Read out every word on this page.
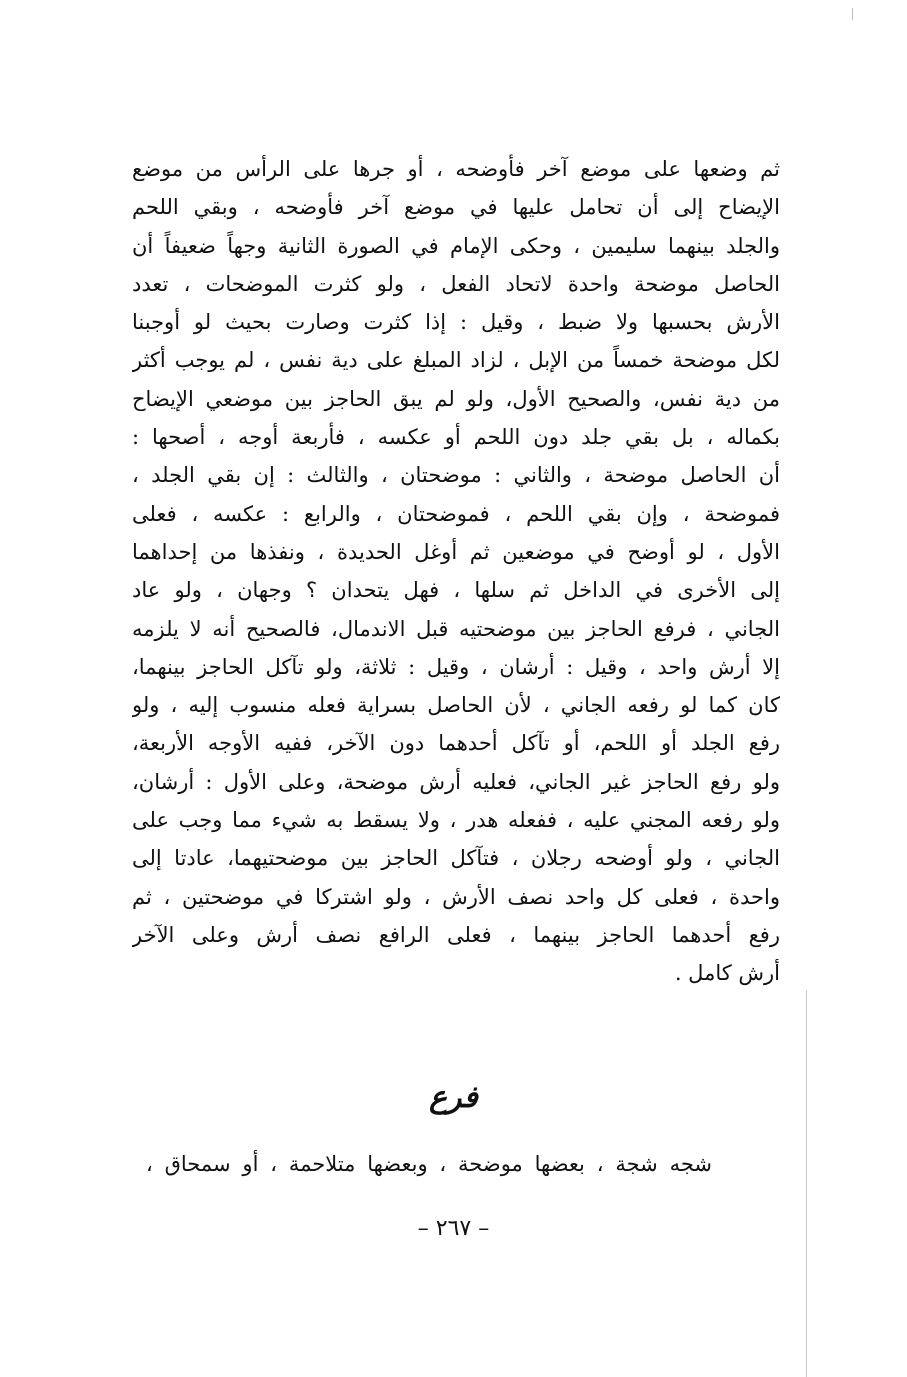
ثم وضعها على موضع آخر فأوضحه ، أو جرها على الرأس من موضع
الإيضاح إلى أن تحامل عليها في موضع آخر فأوضحه ، وبقي اللحم
والجلد بينهما سليمين ، وحكى الإمام في الصورة الثانية وجهاً ضعيفاً أن
الحاصل موضحة واحدة لاتحاد الفعل ، ولو كثرت الموضحات ، تعدد
الأرش بحسبها ولا ضبط ، وقيل : إذا كثرت وصارت بحيث لو أوجبنا
لكل موضحة خمساً من الإبل ، لزاد المبلغ على دية نفس ، لم يوجب أكثر
من دية نفس، والصحيح الأول، ولو لم يبق الحاجز بين موضعي الإيضاح
بكماله ، بل بقي جلد دون اللحم أو عكسه ، فأربعة أوجه ، أصحها :
أن الحاصل موضحة ، والثاني : موضحتان ، والثالث : إن بقي الجلد ،
فموضحة ، وإن بقي اللحم ، فموضحتان ، والرابع : عكسه ، فعلى
الأول ، لو أوضح في موضعين ثم أوغل الحديدة ، ونفذها من إحداهما
إلى الأخرى في الداخل ثم سلها ، فهل يتحدان ؟ وجهان ، ولو عاد
الجاني ، فرفع الحاجز بين موضحتيه قبل الاندمال، فالصحيح أنه لا يلزمه
إلا أرش واحد ، وقيل : أرشان ، وقيل : ثلاثة، ولو تآكل الحاجز بينهما،
كان كما لو رفعه الجاني ، لأن الحاصل بسراية فعله منسوب إليه ، ولو
رفع الجلد أو اللحم، أو تآكل أحدهما دون الآخر، ففيه الأوجه الأربعة،
ولو رفع الحاجز غير الجاني، فعليه أرش موضحة، وعلى الأول : أرشان،
ولو رفعه المجني عليه ، ففعله هدر ، ولا يسقط به شيء مما وجب على
الجاني ، ولو أوضحه رجلان ، فتآكل الحاجز بين موضحتيهما، عادتا إلى
واحدة ، فعلى كل واحد نصف الأرش ، ولو اشتركا في موضحتين ، ثم
رفع أحدهما الحاجز بينهما ، فعلى الرافع نصف أرش وعلى الآخر
أرش كامل .
فرع
شجه شجة ، بعضها موضحة ، وبعضها متلاحمة ، أو سمحاق ،
– ٢٦٧ –
